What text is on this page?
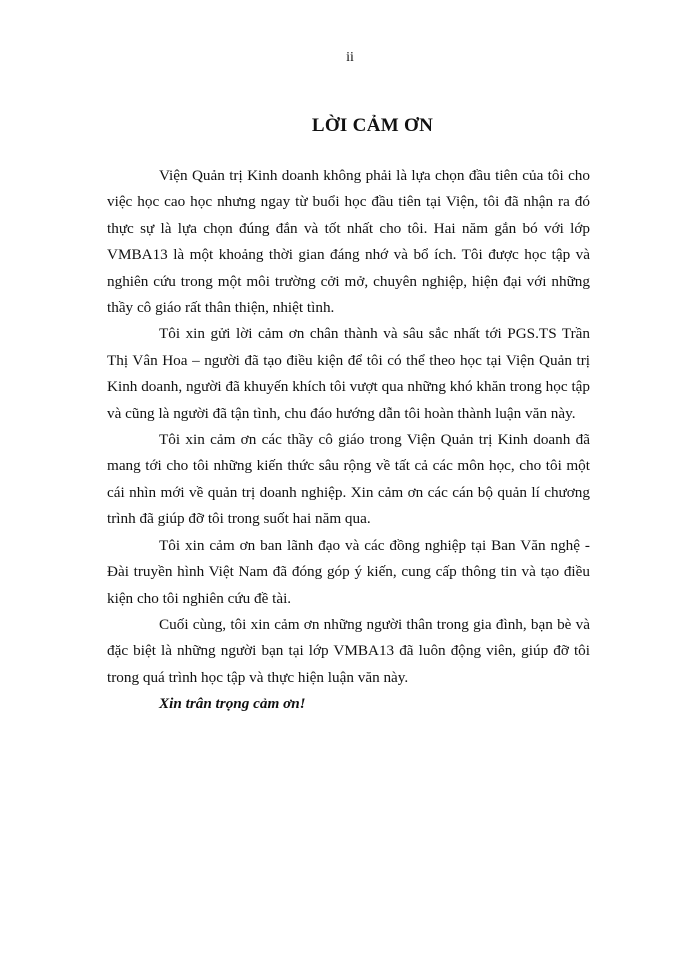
ii
LỜI CẢM ƠN

Viện Quản trị Kinh doanh không phải là lựa chọn đầu tiên của tôi cho việc học cao học nhưng ngay từ buổi học đầu tiên tại Viện, tôi đã nhận ra đó thực sự là lựa chọn đúng đắn và tốt nhất cho tôi. Hai năm gắn bó với lớp VMBA13 là một khoảng thời gian đáng nhớ và bổ ích. Tôi được học tập và nghiên cứu trong một môi trường cởi mở, chuyên nghiệp, hiện đại với những thầy cô giáo rất thân thiện, nhiệt tình.

Tôi xin gửi lời cảm ơn chân thành và sâu sắc nhất tới PGS.TS Trần Thị Vân Hoa – người đã tạo điều kiện để tôi có thể theo học tại Viện Quản trị Kinh doanh, người đã khuyến khích tôi vượt qua những khó khăn trong học tập và cũng là người đã tận tình, chu đáo hướng dẫn tôi hoàn thành luận văn này.

Tôi xin cảm ơn các thầy cô giáo trong Viện Quản trị Kinh doanh đã mang tới cho tôi những kiến thức sâu rộng về tất cả các môn học, cho tôi một cái nhìn mới về quản trị doanh nghiệp. Xin cảm ơn các cán bộ quản lí chương trình đã giúp đỡ tôi trong suốt hai năm qua.

Tôi xin cảm ơn ban lãnh đạo và các đồng nghiệp tại Ban Văn nghệ - Đài truyền hình Việt Nam đã đóng góp ý kiến, cung cấp thông tin và tạo điều kiện cho tôi nghiên cứu đề tài.

Cuối cùng, tôi xin cảm ơn những người thân trong gia đình, bạn bè và đặc biệt là những người bạn tại lớp VMBA13 đã luôn động viên, giúp đỡ tôi trong quá trình học tập và thực hiện luận văn này.

Xin trân trọng cảm ơn!
